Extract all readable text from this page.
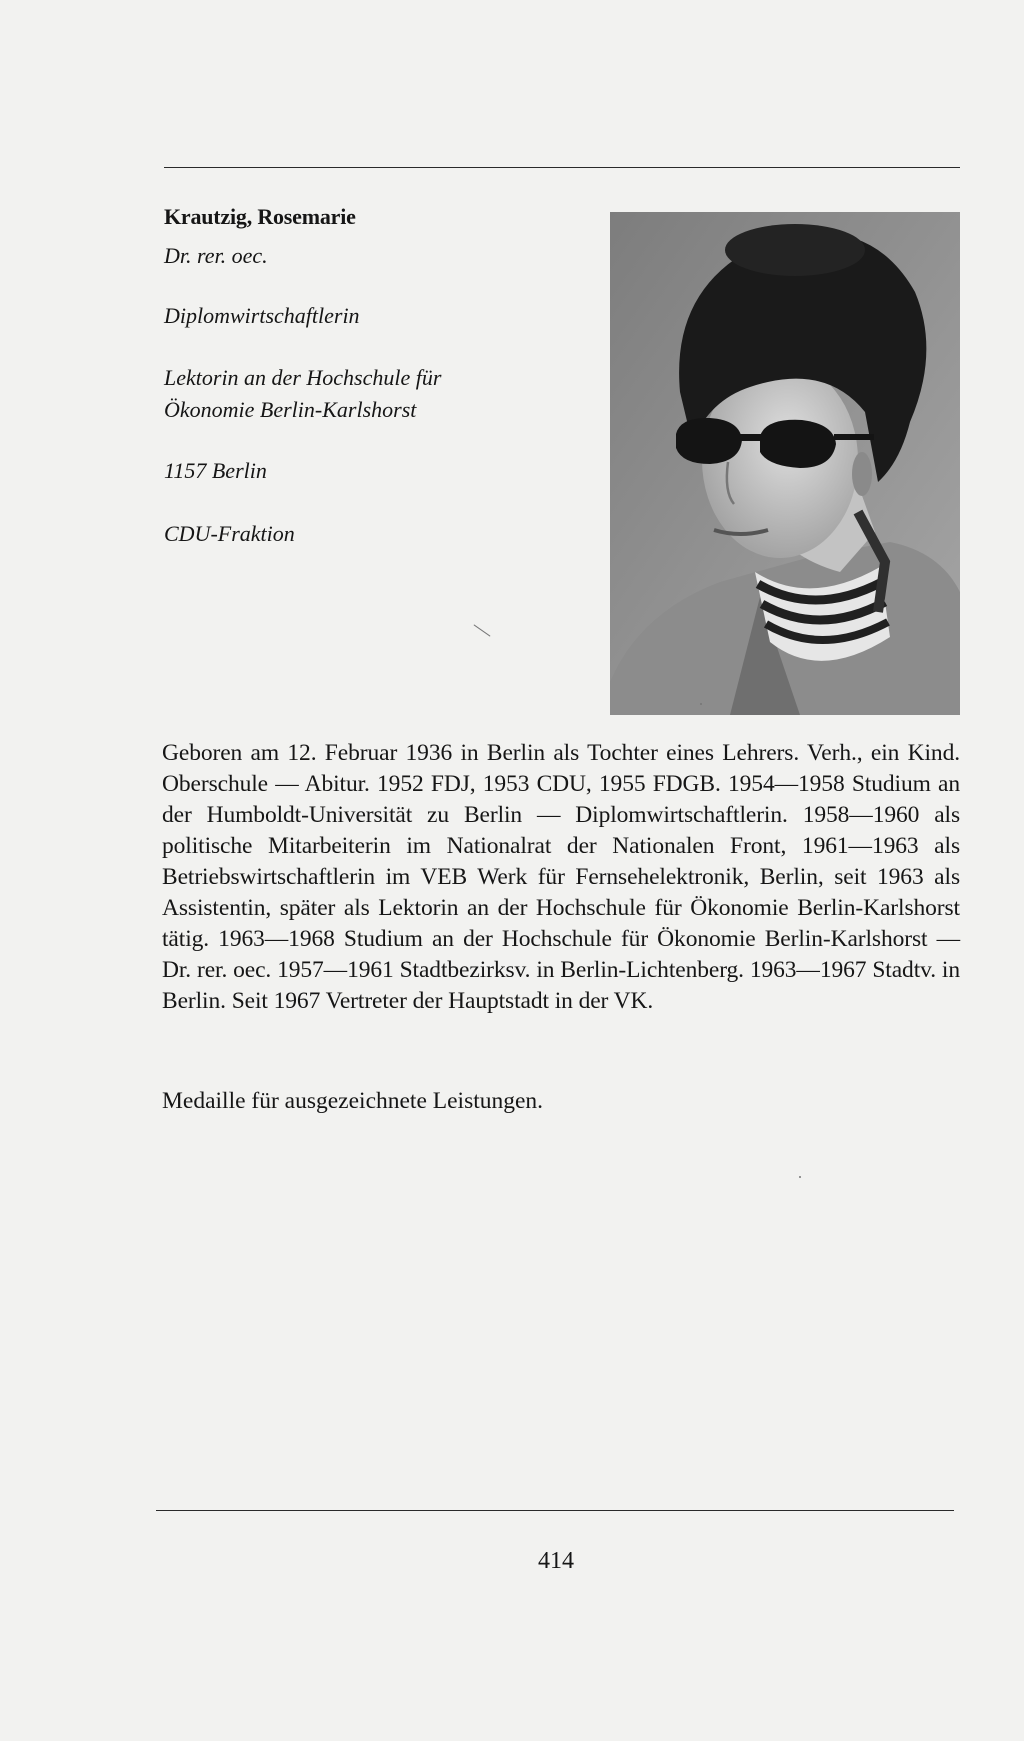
Krautzig, Rosemarie
Dr. rer. oec.
Diplomwirtschaftlerin
Lektorin an der Hochschule für
Ökonomie Berlin-Karlshorst
1157 Berlin
CDU-Fraktion
Geboren am 12. Februar 1936 in Berlin als Tochter eines Lehrers. Verh., ein Kind. Oberschule — Abitur. 1952 FDJ, 1953 CDU, 1955 FDGB. 1954—1958 Studium an der Humboldt-Universität zu Berlin — Diplomwirtschaftlerin. 1958—1960 als politische Mitarbeiterin im Nationalrat der Nationalen Front, 1961—1963 als Betriebswirtschaftlerin im VEB Werk für Fernsehelektronik, Berlin, seit 1963 als Assistentin, später als Lektorin an der Hochschule für Ökonomie Berlin-Karlshorst tätig. 1963—1968 Studium an der Hochschule für Ökonomie Berlin-Karlshorst — Dr. rer. oec. 1957—1961 Stadtbezirksv. in Berlin-Lichtenberg. 1963—1967 Stadtv. in Berlin. Seit 1967 Vertreter der Hauptstadt in der VK.
Medaille für ausgezeichnete Leistungen.
414
